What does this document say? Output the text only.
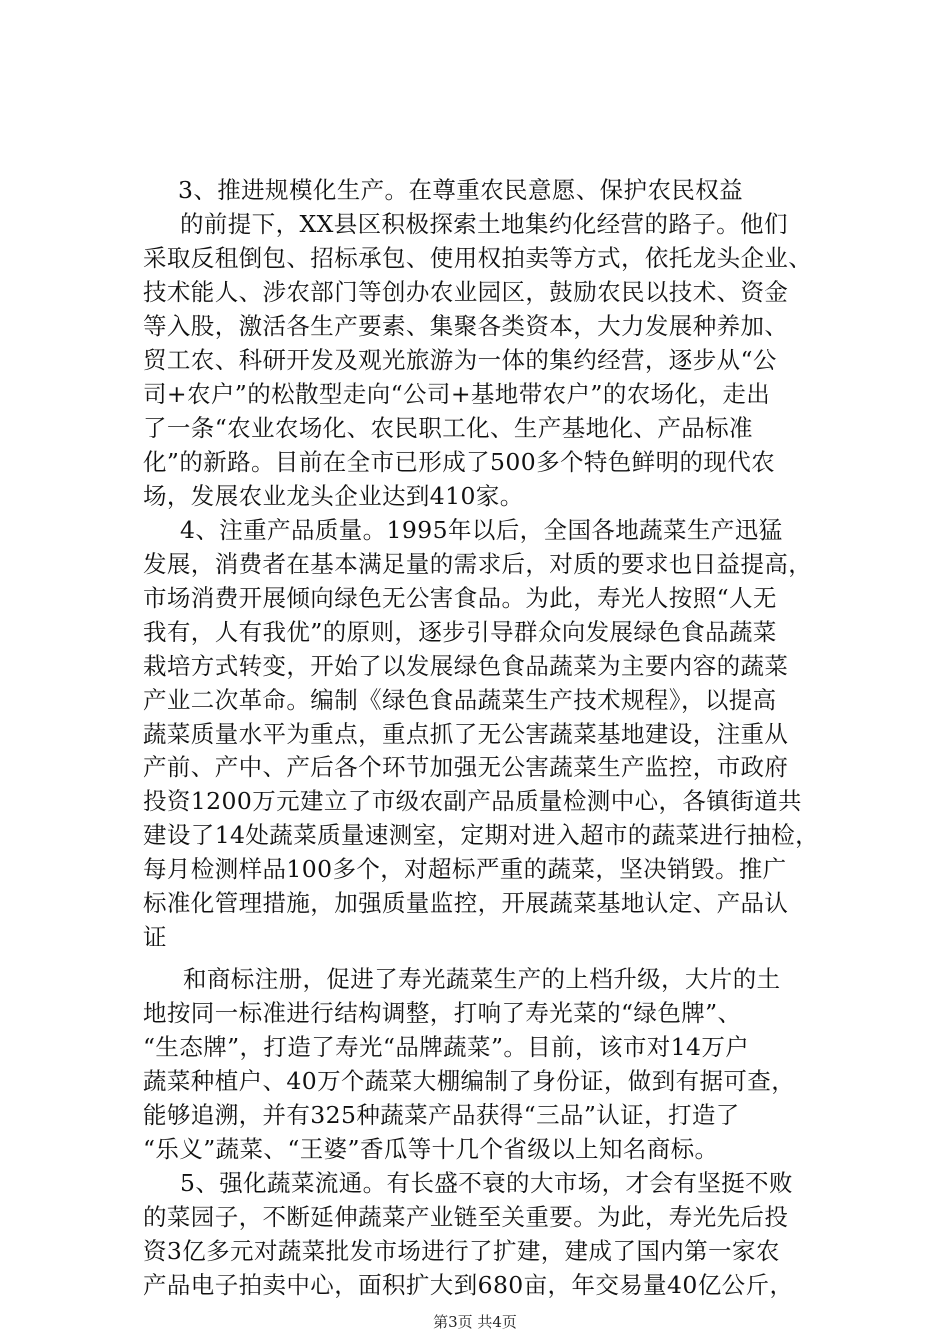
3、推进规模化生产。在尊重农民意愿、保护农民权益
的前提下，XX县区积极探索土地集约化经营的路子。他们
采取反租倒包、招标承包、使用权拍卖等方式，依托龙头企业、
技术能人、涉农部门等创办农业园区，鼓励农民以技术、资金
等入股，激活各生产要素、集聚各类资本，大力发展种养加、
贸工农、科研开发及观光旅游为一体的集约经营，逐步从“公
司+农户”的松散型走向“公司+基地带农户”的农场化，走出
了一条“农业农场化、农民职工化、生产基地化、产品标准
化”的新路。目前在全市已形成了500多个特色鲜明的现代农
场，发展农业龙头企业达到410家。
4、注重产品质量。1995年以后，全国各地蔬菜生产迅猛
发展，消费者在基本满足量的需求后，对质的要求也日益提高，
市场消费开展倾向绿色无公害食品。为此，寿光人按照“人无
我有，人有我优”的原则，逐步引导群众向发展绿色食品蔬菜
栽培方式转变，开始了以发展绿色食品蔬菜为主要内容的蔬菜
产业二次革命。编制《绿色食品蔬菜生产技术规程》，以提高
蔬菜质量水平为重点，重点抓了无公害蔬菜基地建设，注重从
产前、产中、产后各个环节加强无公害蔬菜生产监控，市政府
投资1200万元建立了市级农副产品质量检测中心，各镇街道共
建设了14处蔬菜质量速测室，定期对进入超市的蔬菜进行抽检，
每月检测样品100多个，对超标严重的蔬菜，坚决销毁。推广
标准化管理措施，加强质量监控，开展蔬菜基地认定、产品认
证
和商标注册，促进了寿光蔬菜生产的上档升级，大片的土
地按同一标准进行结构调整，打响了寿光菜的“绿色牌”、
“生态牌”，打造了寿光“品牌蔬菜”。目前，该市对14万户
蔬菜种植户、40万个蔬菜大棚编制了身份证，做到有据可查，
能够追溯，并有325种蔬菜产品获得“三品”认证，打造了
“乐义”蔬菜、“王婆”香瓜等十几个省级以上知名商标。
5、强化蔬菜流通。有长盛不衰的大市场，才会有坚挺不败
的菜园子，不断延伸蔬菜产业链至关重要。为此，寿光先后投
资3亿多元对蔬菜批发市场进行了扩建，建成了国内第一家农
产品电子拍卖中心，面积扩大到680亩，年交易量40亿公斤，
第3页 共4页
